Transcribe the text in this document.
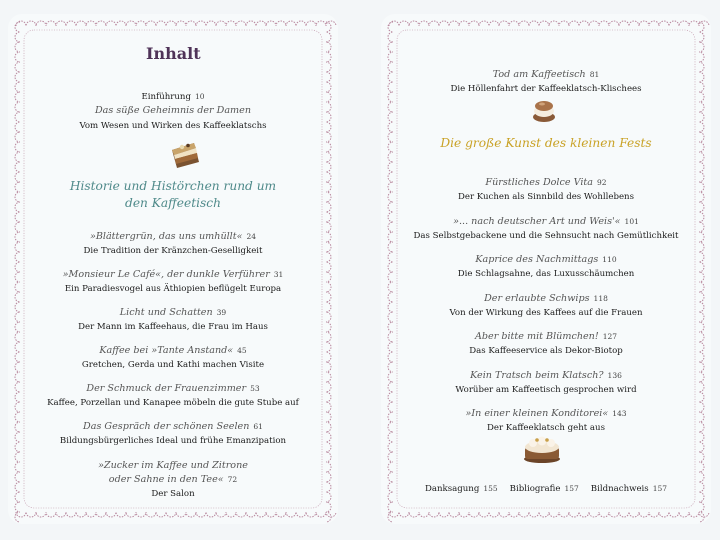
Inhalt
Einführung 10
Das süße Geheimnis der Damen
Vom Wesen und Wirken des Kaffeeklatschs
Historie und Histörchen rund um
den Kaffeetisch
»Blättergrün, das uns umhüllt« 24
Die Tradition der Kränzchen-Geselligkeit
»Monsieur Le Café«, der dunkle Verführer 31
Ein Paradiesvogel aus Äthiopien beflügelt Europa
Licht und Schatten 39
Der Mann im Kaffeehaus, die Frau im Haus
Kaffee bei »Tante Anstand« 45
Gretchen, Gerda und Kathi machen Visite
Der Schmuck der Frauenzimmer 53
Kaffee, Porzellan und Kanapee möbeln die gute Stube auf
Das Gespräch der schönen Seelen 61
Bildungsbürgerliches Ideal und frühe Emanzipation
»Zucker im Kaffee und Zitrone
oder Sahne in den Tee« 72
Der Salon
Tod am Kaffeetisch 81
Die Höllenfahrt der Kaffeeklatsch-Klischees
Die große Kunst des kleinen Fests
Fürstliches Dolce Vita 92
Der Kuchen als Sinnbild des Wohllebens
»... nach deutscher Art und Weis'« 101
Das Selbstgebackene und die Sehnsucht nach Gemütlichkeit
Kaprice des Nachmittags 110
Die Schlagsahne, das Luxusschäumchen
Der erlaubte Schwips 118
Von der Wirkung des Kaffees auf die Frauen
Aber bitte mit Blümchen! 127
Das Kaffeeservice als Dekor-Biotop
Kein Tratsch beim Klatsch? 136
Worüber am Kaffeetisch gesprochen wird
»In einer kleinen Konditorei« 143
Der Kaffeeklatsch geht aus
Danksagung 155 Bibliografie 157 Bildnachweis 157
